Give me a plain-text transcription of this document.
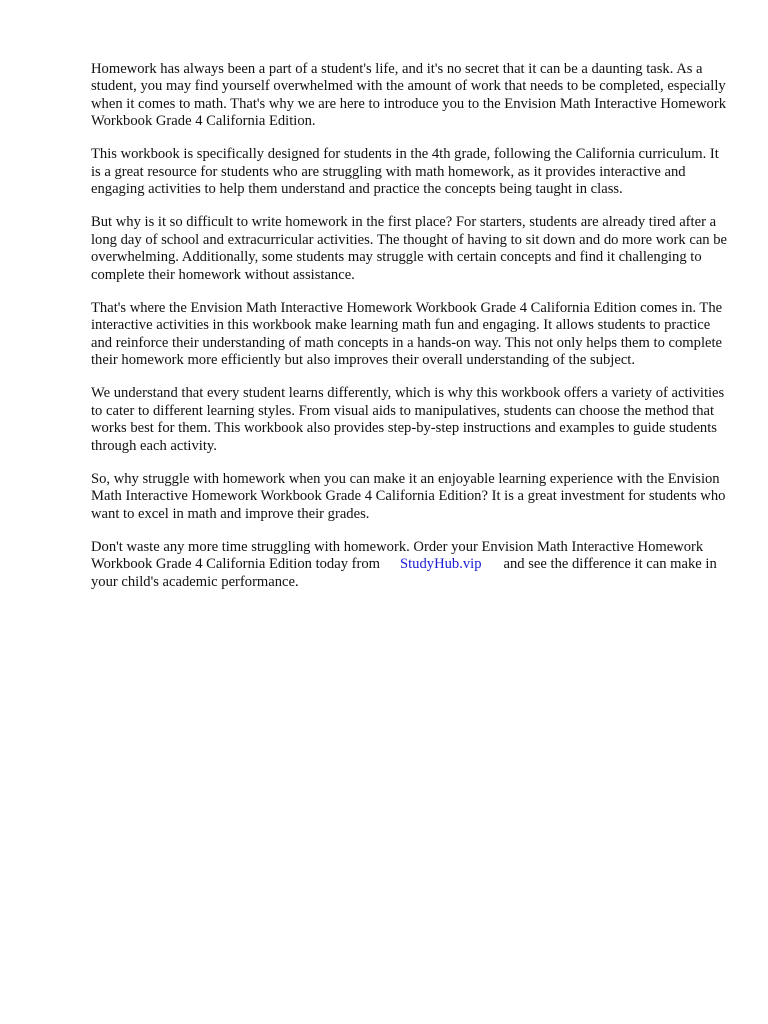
Homework has always been a part of a student's life, and it's no secret that it can be a daunting task. As a student, you may find yourself overwhelmed with the amount of work that needs to be completed, especially when it comes to math. That's why we are here to introduce you to the Envision Math Interactive Homework Workbook Grade 4 California Edition.

This workbook is specifically designed for students in the 4th grade, following the California curriculum. It is a great resource for students who are struggling with math homework, as it provides interactive and engaging activities to help them understand and practice the concepts being taught in class.

But why is it so difficult to write homework in the first place? For starters, students are already tired after a long day of school and extracurricular activities. The thought of having to sit down and do more work can be overwhelming. Additionally, some students may struggle with certain concepts and find it challenging to complete their homework without assistance.

That's where the Envision Math Interactive Homework Workbook Grade 4 California Edition comes in. The interactive activities in this workbook make learning math fun and engaging. It allows students to practice and reinforce their understanding of math concepts in a hands-on way. This not only helps them to complete their homework more efficiently but also improves their overall understanding of the subject.

We understand that every student learns differently, which is why this workbook offers a variety of activities to cater to different learning styles. From visual aids to manipulatives, students can choose the method that works best for them. This workbook also provides step-by-step instructions and examples to guide students through each activity.

So, why struggle with homework when you can make it an enjoyable learning experience with the Envision Math Interactive Homework Workbook Grade 4 California Edition? It is a great investment for students who want to excel in math and improve their grades.

Don't waste any more time struggling with homework. Order your Envision Math Interactive Homework Workbook Grade 4 California Edition today from StudyHub.vip and see the difference it can make in your child's academic performance.
